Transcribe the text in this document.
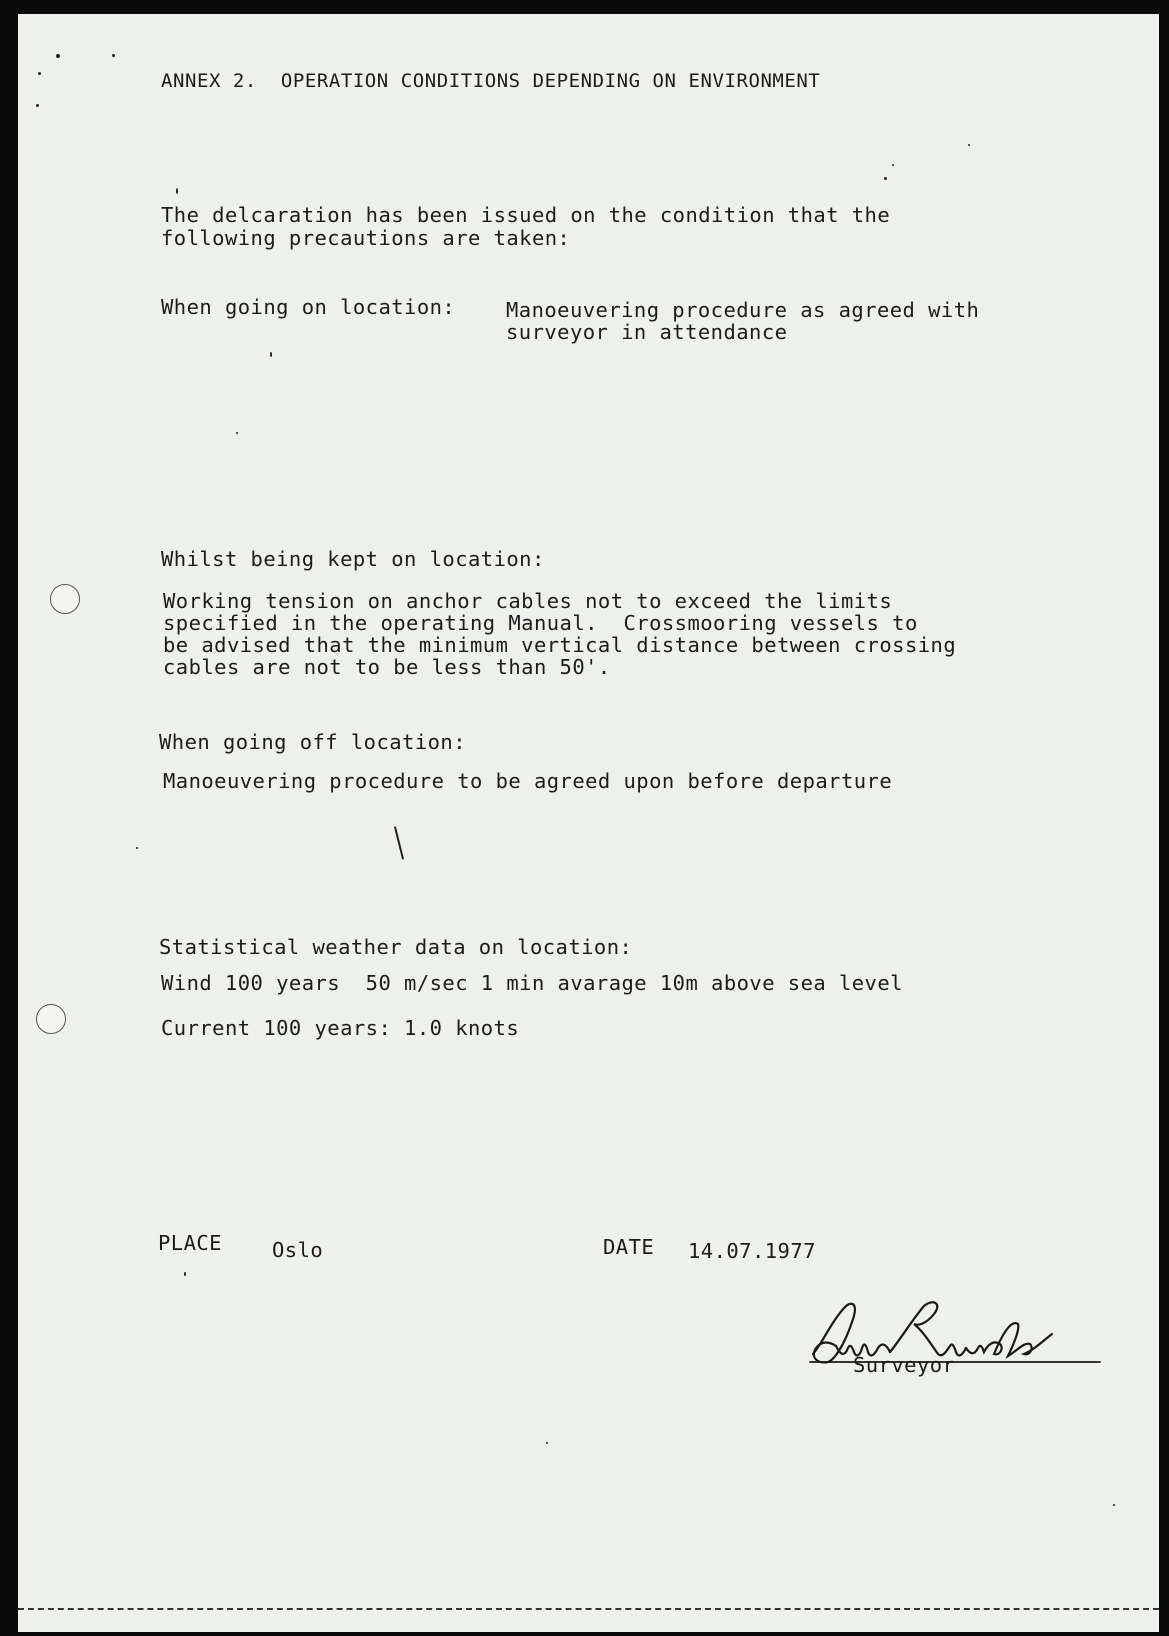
ANNEX 2.  OPERATION CONDITIONS DEPENDING ON ENVIRONMENT
The delcaration has been issued on the condition that the
following precautions are taken:
When going on location: Manoeuvering procedure as agreed with
surveyor in attendance
Whilst being kept on location:
Working tension on anchor cables not to exceed the limits
specified in the operating Manual.  Crossmooring vessels to
be advised that the minimum vertical distance between crossing
cables are not to be less than 50'.
When going off location:
Manoeuvering procedure to be agreed upon before departure
Statistical weather data on location:
Wind 100 years  50 m/sec 1 min avarage 10m above sea level
Current 100 years: 1.0 knots
PLACE Oslo	DATE 14.07.1977
Arne Rundal
Surveyor
